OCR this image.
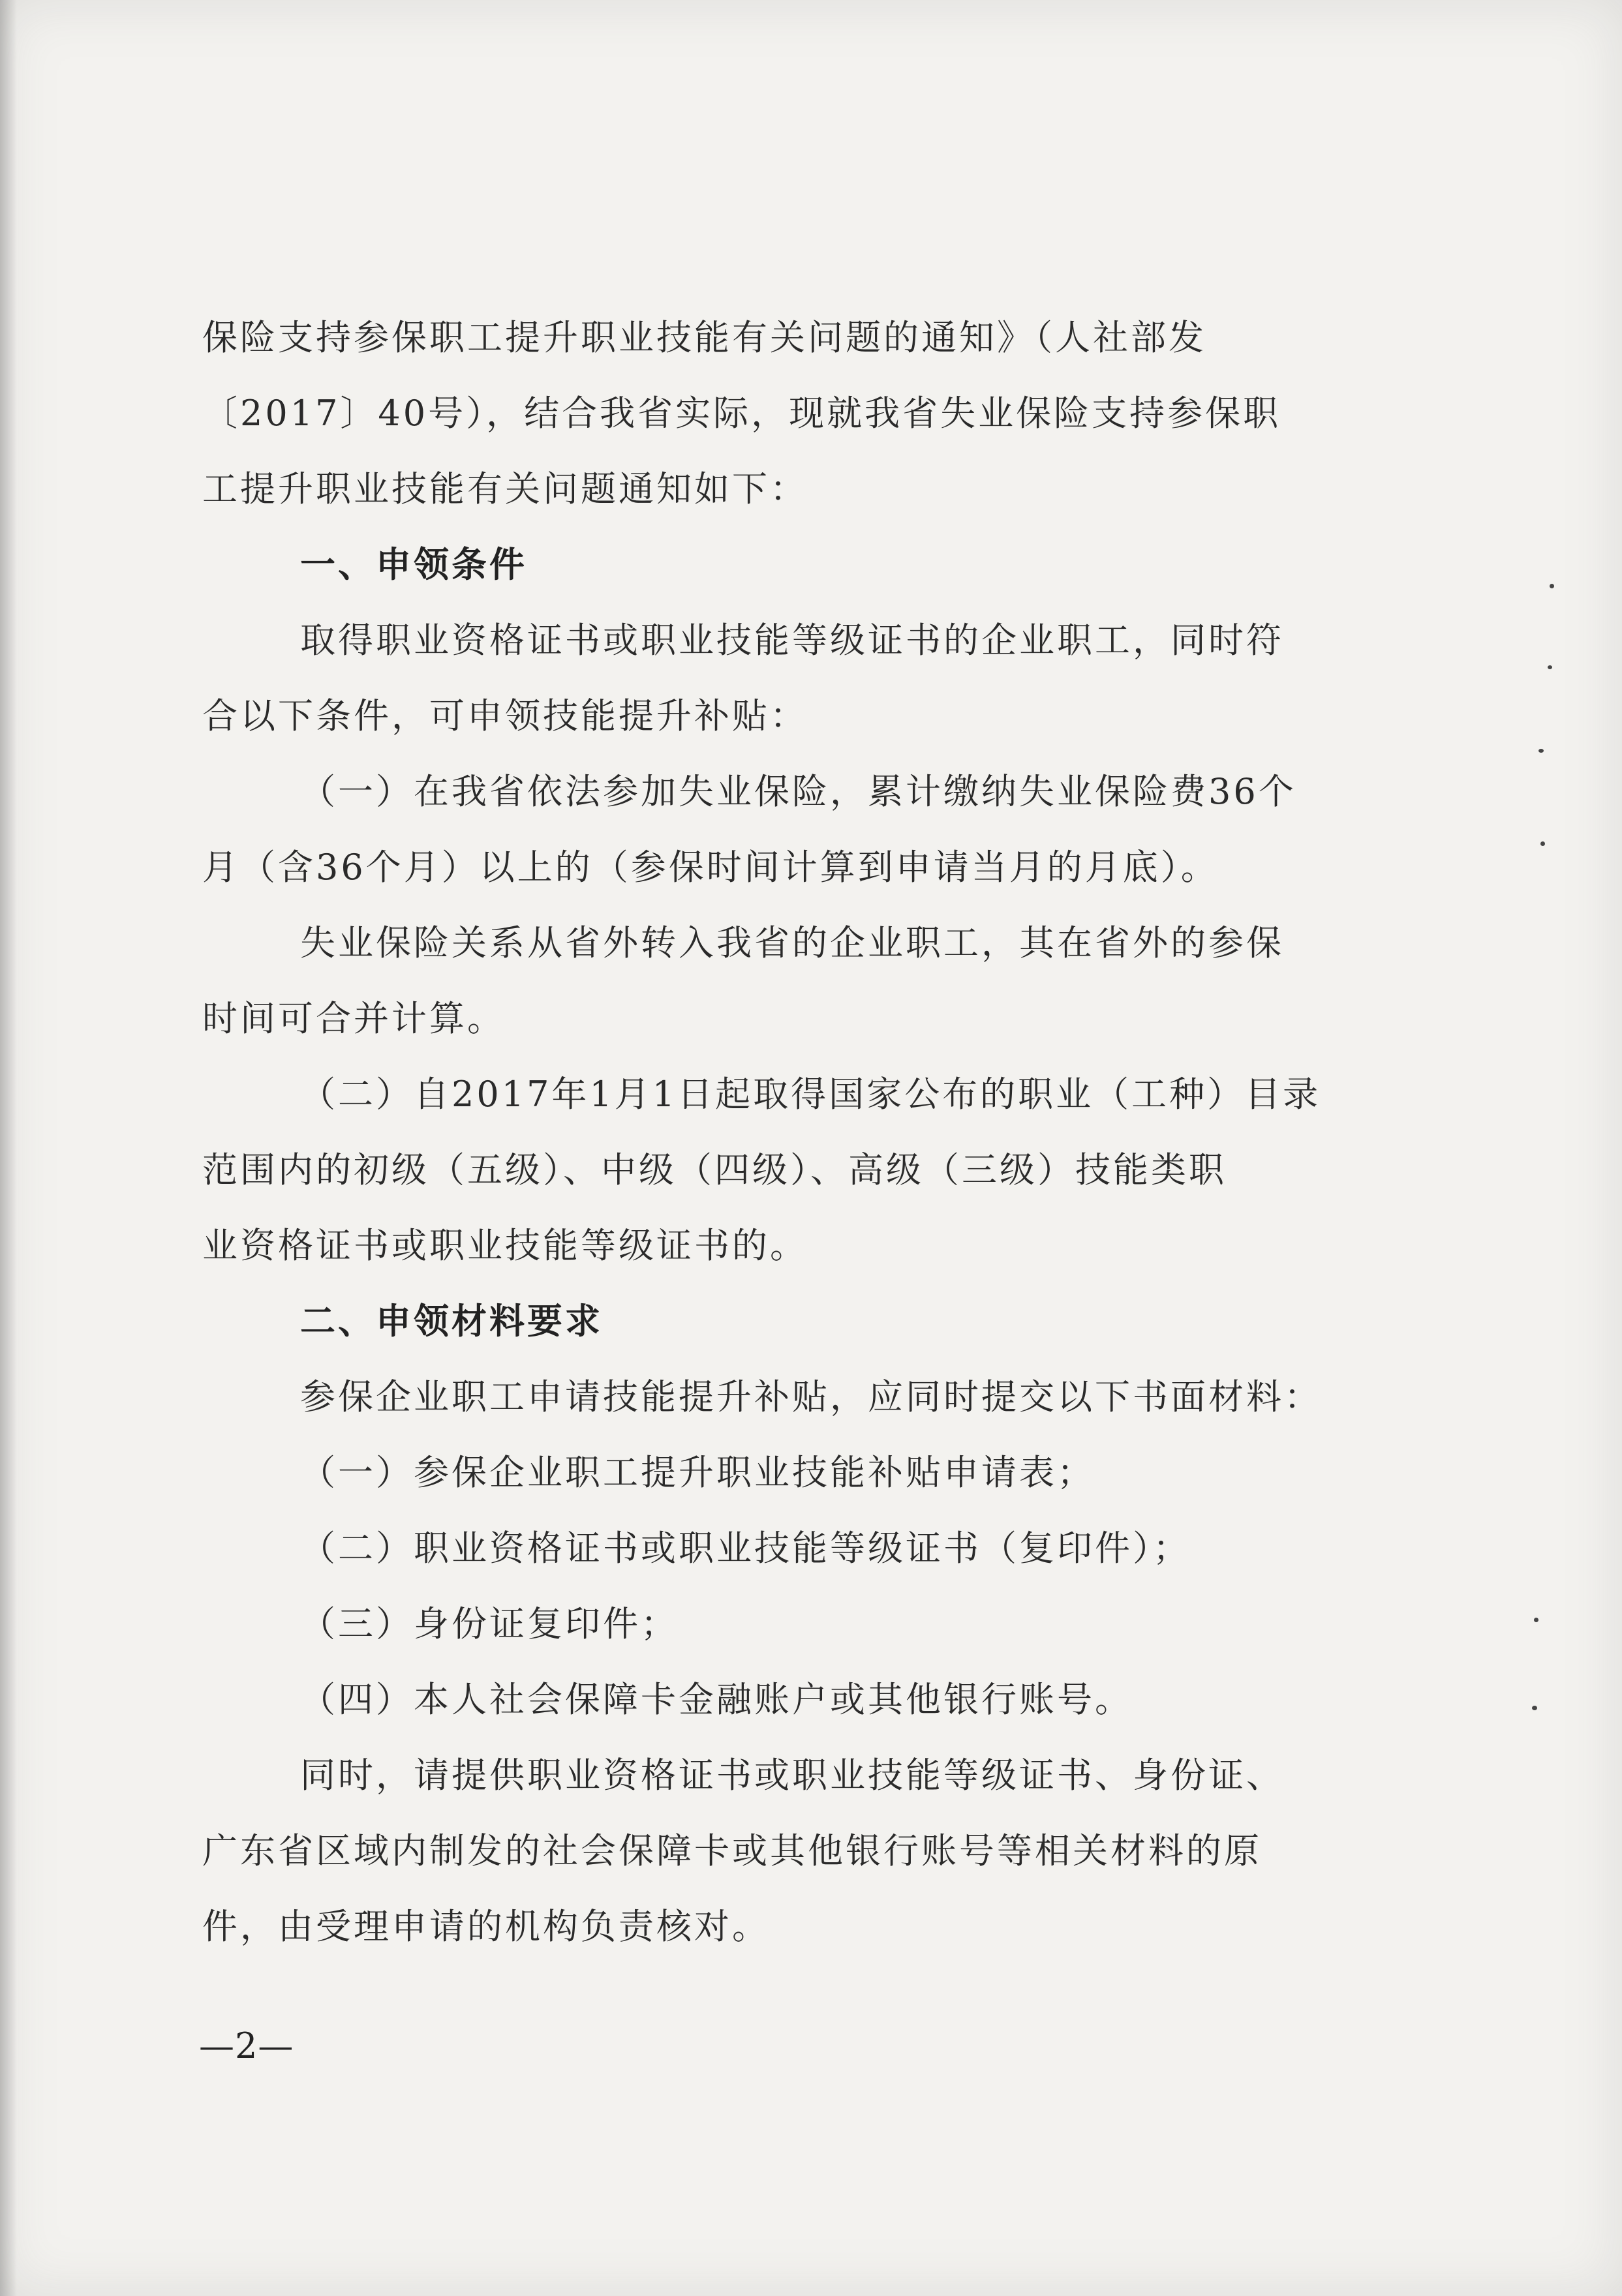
保险支持参保职工提升职业技能有关问题的通知》（人社部发
〔2017〕40号），结合我省实际，现就我省失业保险支持参保职
工提升职业技能有关问题通知如下：
一、申领条件
取得职业资格证书或职业技能等级证书的企业职工，同时符
合以下条件，可申领技能提升补贴：
（一）在我省依法参加失业保险，累计缴纳失业保险费36个
月（含36个月）以上的（参保时间计算到申请当月的月底）。
失业保险关系从省外转入我省的企业职工，其在省外的参保
时间可合并计算。
（二）自2017年1月1日起取得国家公布的职业（工种）目录
范围内的初级（五级）、中级（四级）、高级（三级）技能类职
业资格证书或职业技能等级证书的。
二、申领材料要求
参保企业职工申请技能提升补贴，应同时提交以下书面材料：
（一）参保企业职工提升职业技能补贴申请表；
（二）职业资格证书或职业技能等级证书（复印件）；
（三）身份证复印件；
（四）本人社会保障卡金融账户或其他银行账号。
同时，请提供职业资格证书或职业技能等级证书、身份证、
广东省区域内制发的社会保障卡或其他银行账号等相关材料的原
件，由受理申请的机构负责核对。
—2—
